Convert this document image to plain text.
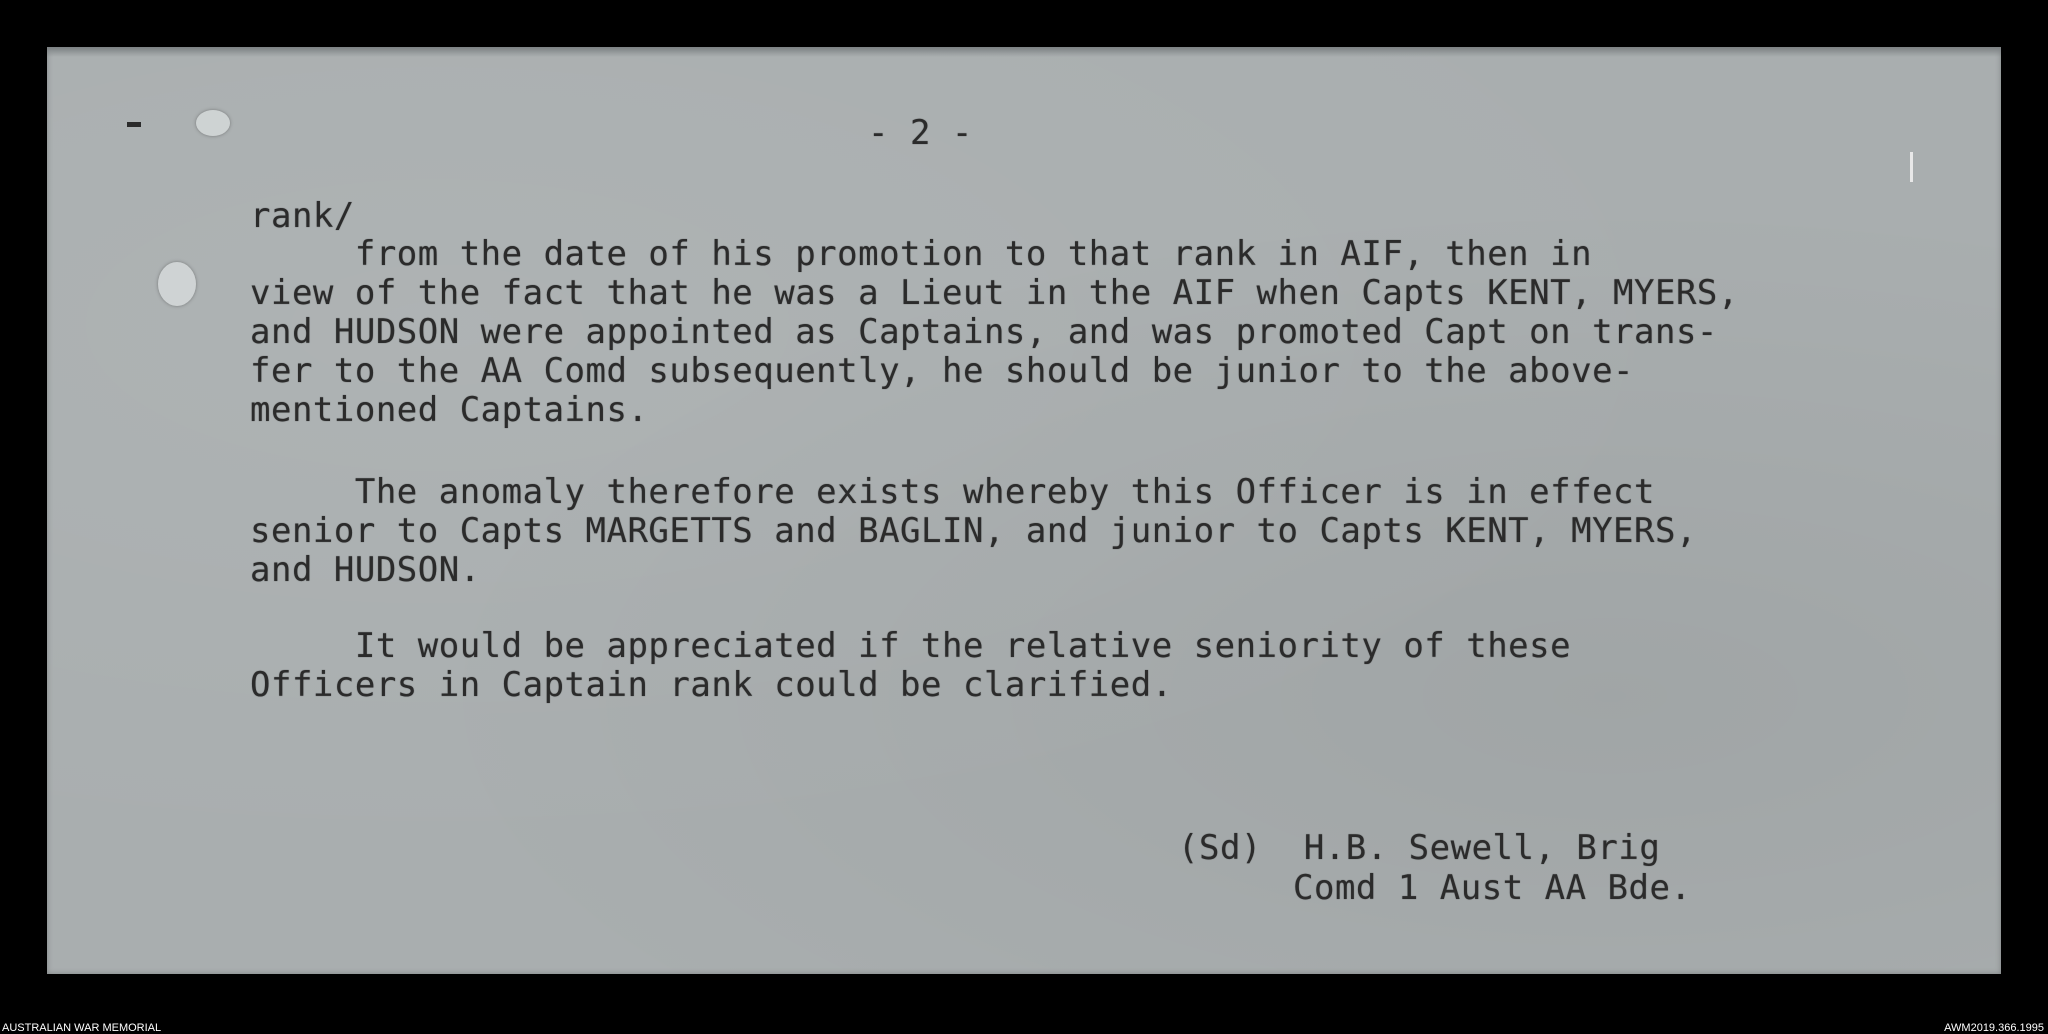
- 2 -

rank/

from the date of his promotion to that rank in AIF, then in
view of the fact that he was a Lieut in the AIF when Capts KENT, MYERS,
and HUDSON were appointed as Captains, and was promoted Capt on trans-
fer to the AA Comd subsequently, he should be junior to the above-
mentioned Captains.
The anomaly therefore exists whereby this Officer is in effect
senior to Capts MARGETTS and BAGLIN, and junior to Capts KENT, MYERS,
and HUDSON.
It would be appreciated if the relative seniority of these
Officers in Captain rank could be clarified.

(Sd)  H.B. Sewell, Brig

Comd 1 Aust AA Bde.

AUSTRALIAN WAR MEMORIAL	AWM2019.366.1995
